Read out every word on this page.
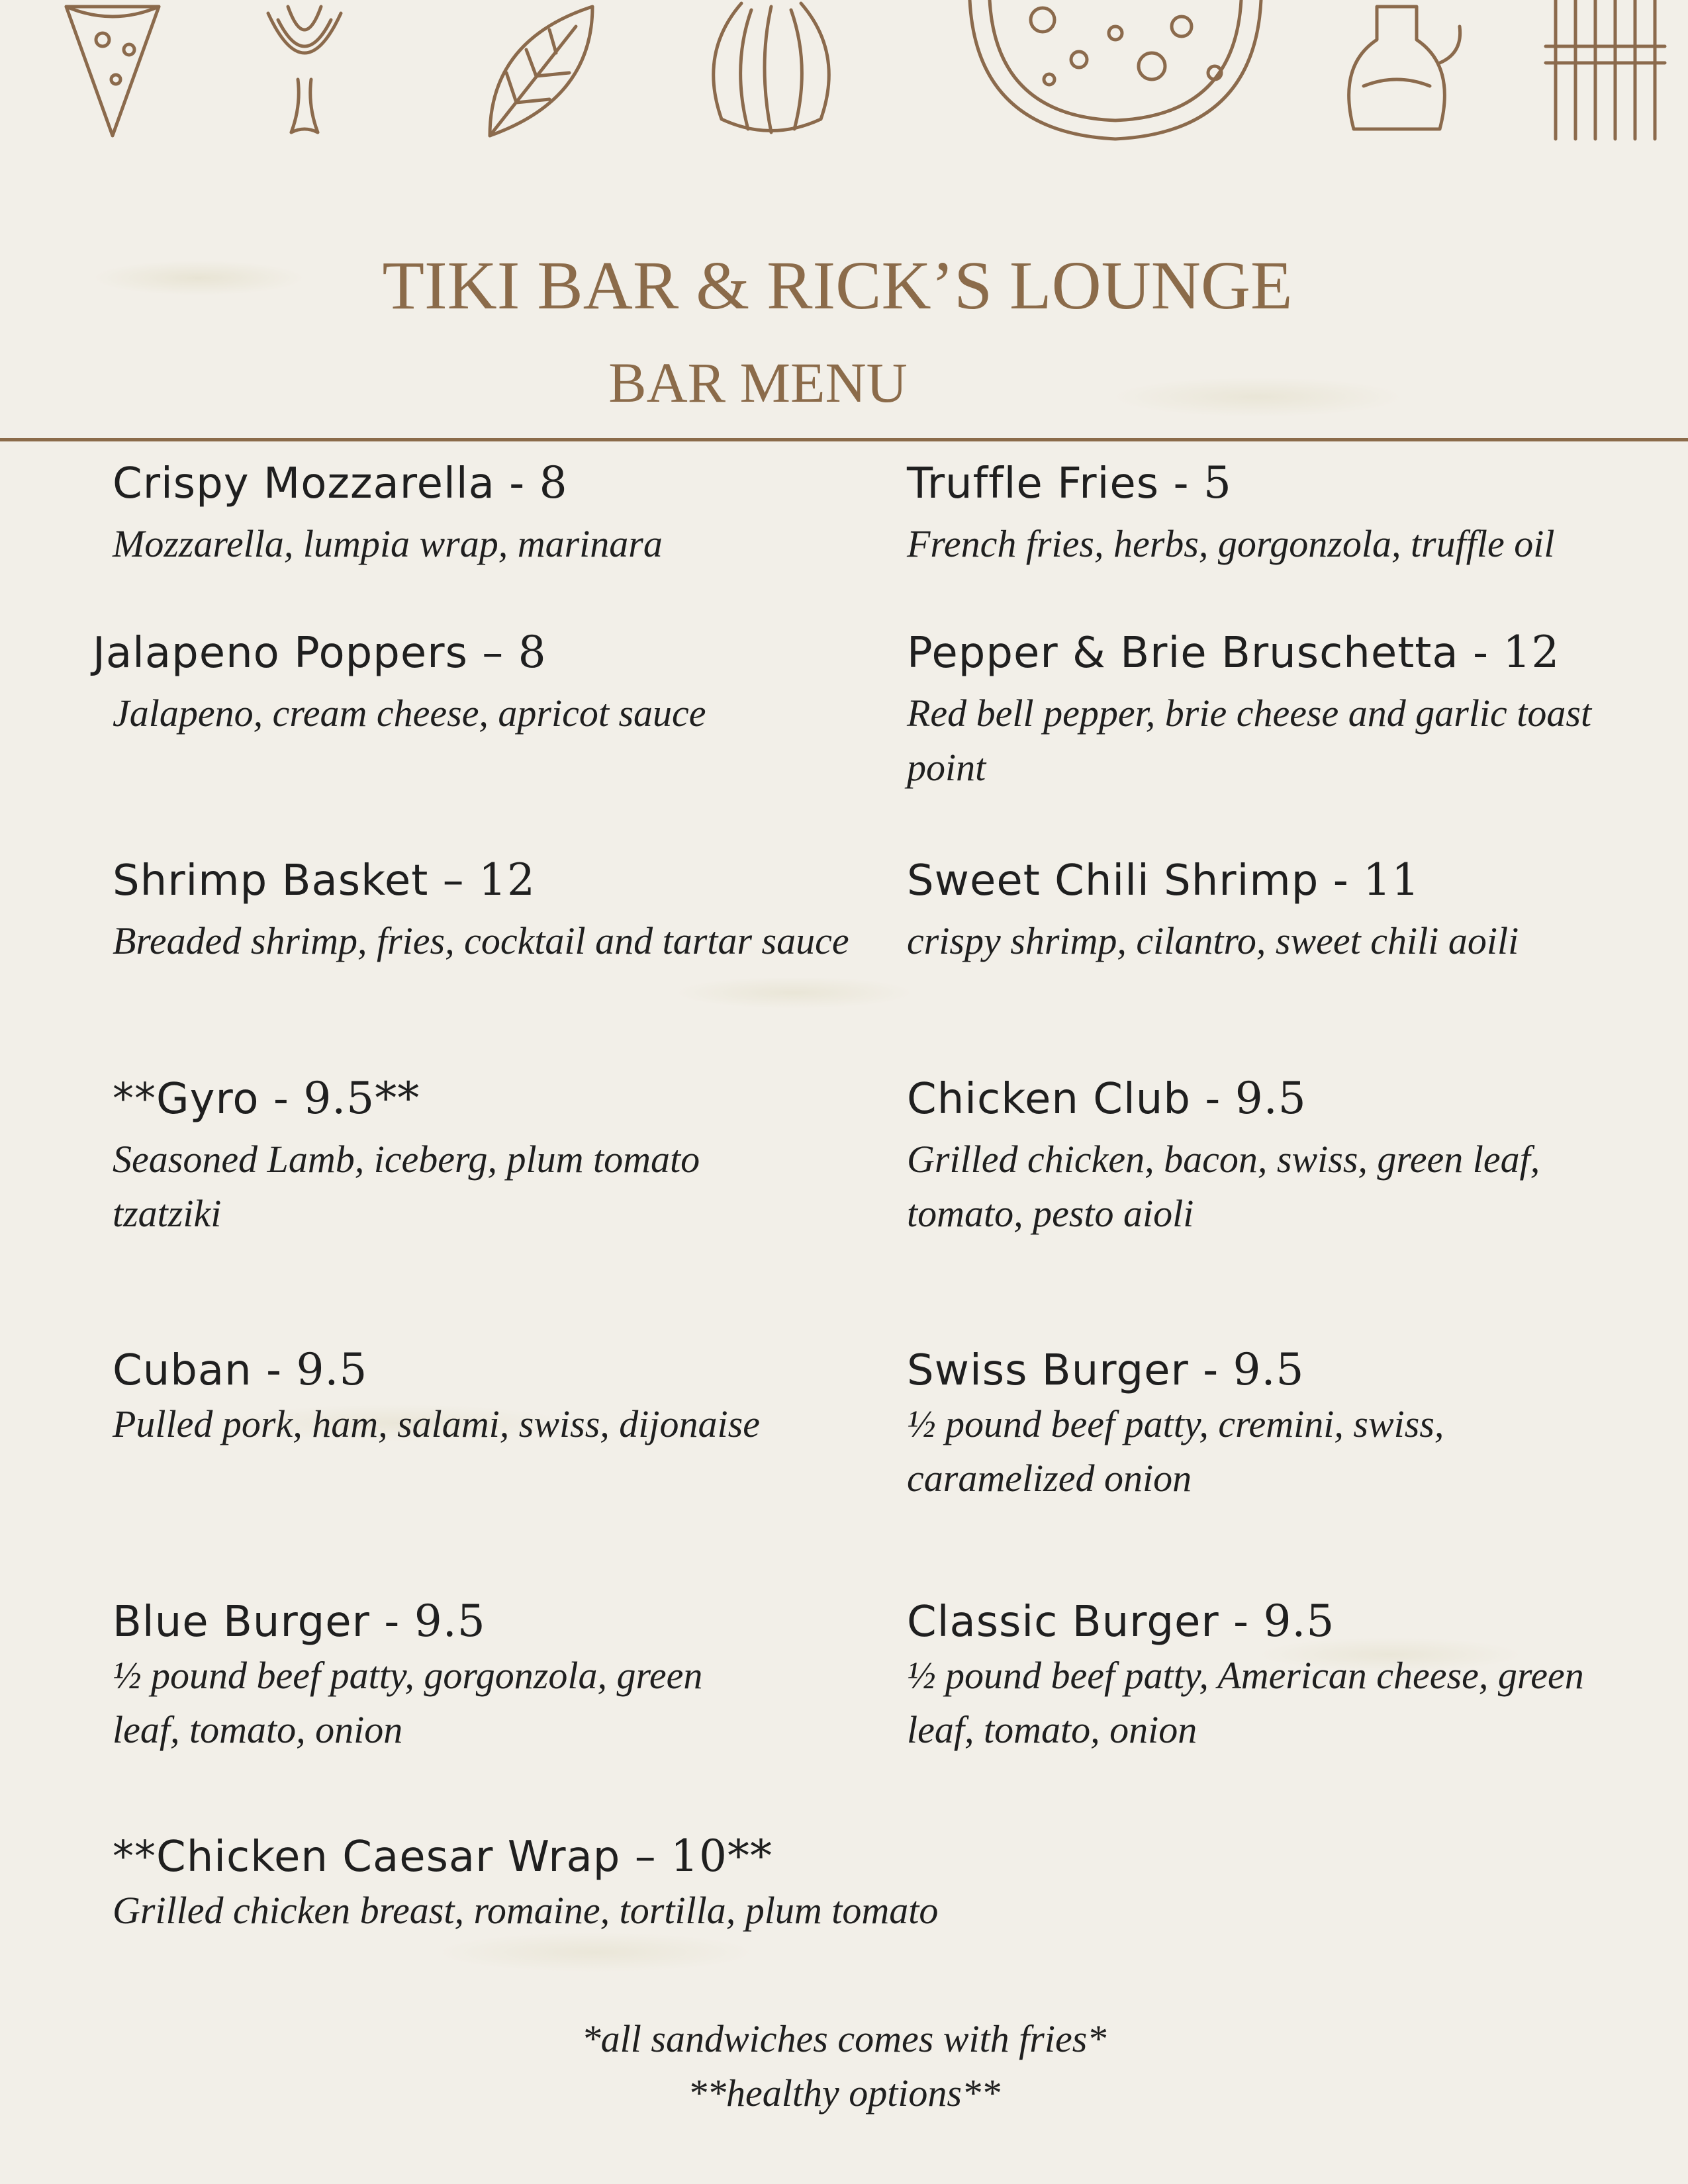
TIKI BAR & RICK’S LOUNGE
BAR MENU
Crispy Mozzarella - 8
Mozzarella, lumpia wrap, marinara
Truffle Fries - 5
French fries, herbs, gorgonzola, truffle oil
Jalapeno Poppers – 8
Jalapeno, cream cheese, apricot sauce
Pepper & Brie Bruschetta - 12
Red bell pepper, brie cheese and garlic toast point
Shrimp Basket – 12
Breaded shrimp, fries, cocktail and tartar sauce
Sweet Chili Shrimp - 11
crispy shrimp, cilantro, sweet chili aoili
**Gyro - 9.5**
Seasoned Lamb, iceberg, plum tomato tzatziki
Chicken Club - 9.5
Grilled chicken, bacon, swiss, green leaf, tomato, pesto aioli
Cuban - 9.5
Pulled pork, ham, salami, swiss, dijonaise
Swiss Burger - 9.5
½ pound beef patty, cremini, swiss, caramelized onion
Blue Burger - 9.5
½ pound beef patty, gorgonzola, green leaf, tomato, onion
Classic Burger - 9.5
½ pound beef patty, American cheese, green leaf, tomato, onion
**Chicken Caesar Wrap – 10**
Grilled chicken breast, romaine, tortilla, plum tomato
*all sandwiches comes with fries*
**healthy options**
